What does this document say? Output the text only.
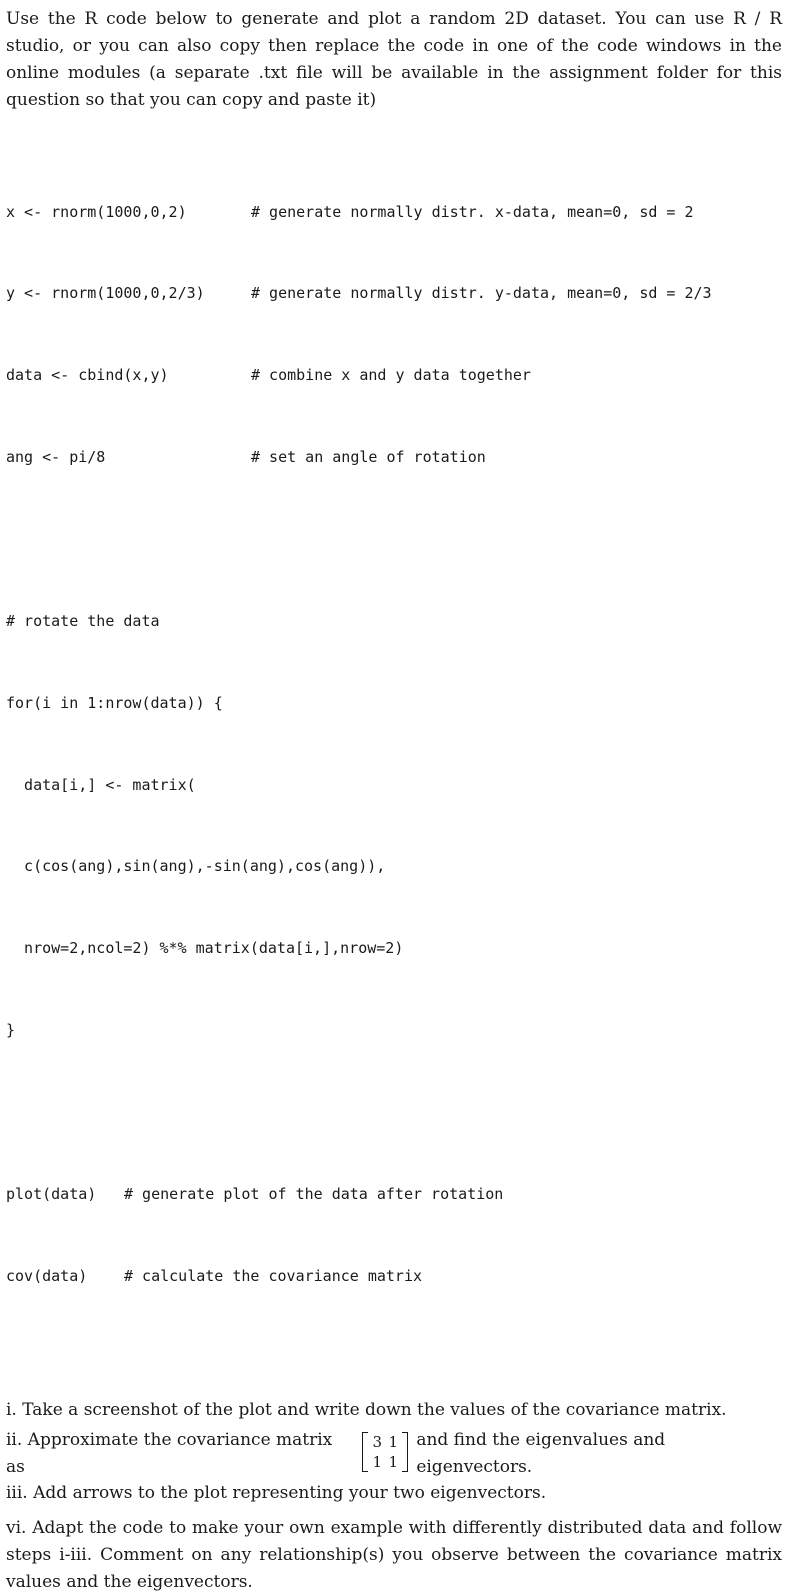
Use the R code below to generate and plot a random 2D dataset. You can use R / R studio, or you can also copy then replace the code in one of the code windows in the online modules (a separate .txt file will be available in the assignment folder for this question so that you can copy and paste it)

x <- rnorm(1000,0,2)	# generate normally distr. x-data, mean=0, sd = 2

y <- rnorm(1000,0,2/3)	# generate normally distr. y-data, mean=0, sd = 2/3

data <- cbind(x,y)	# combine x and y data together

ang <- pi/8	# set an angle of rotation

# rotate the data

for(i in 1:nrow(data)) {

data[i,] <- matrix(

c(cos(ang),sin(ang),-sin(ang),cos(ang)),

nrow=2,ncol=2) %*% matrix(data[i,],nrow=2)

}

plot(data)	# generate plot of the data after rotation

cov(data)	# calculate the covariance matrix

i. Take a screenshot of the plot and write down the values of the covariance matrix.

ii. Approximate the covariance matrix as
3 1
1 1
and find the eigenvalues and eigenvectors.

iii. Add arrows to the plot representing your two eigenvectors.

vi. Adapt the code to make your own example with differently distributed data and follow steps i-iii. Comment on any relationship(s) you observe between the covariance matrix values and the eigenvectors.
